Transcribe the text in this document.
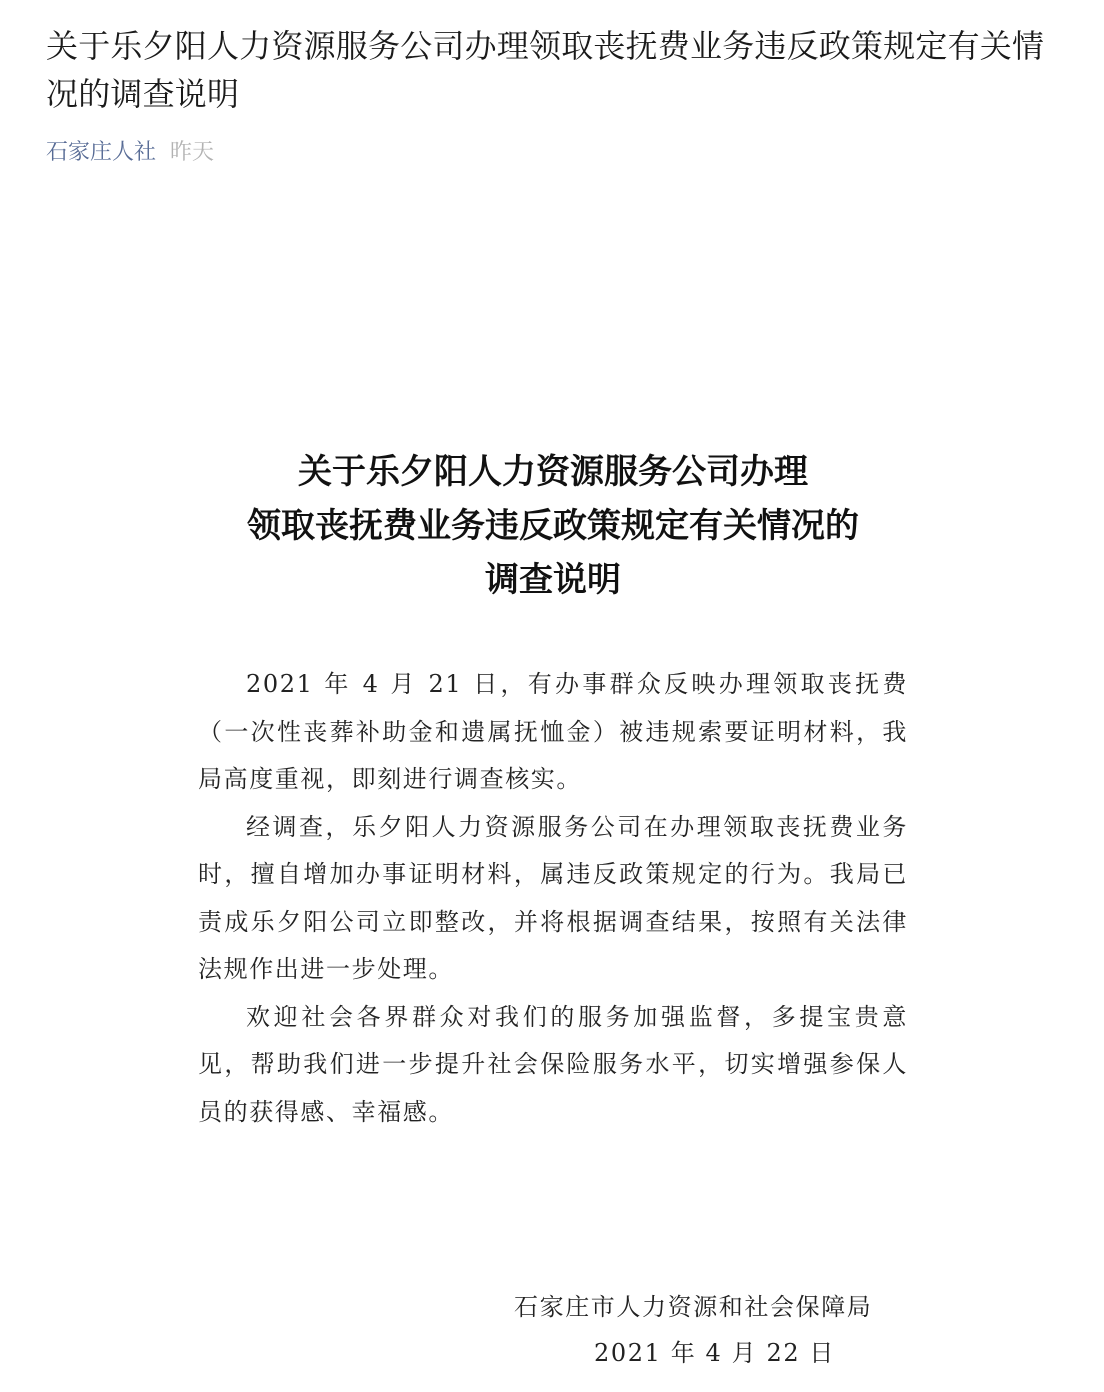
关于乐夕阳人力资源服务公司办理领取丧抚费业务违反政策规定有关情况的调查说明
石家庄人社 昨天
关于乐夕阳人力资源服务公司办理
领取丧抚费业务违反政策规定有关情况的
调查说明

2021 年 4 月 21 日，有办事群众反映办理领取丧抚费（一次性丧葬补助金和遗属抚恤金）被违规索要证明材料，我局高度重视，即刻进行调查核实。

经调查，乐夕阳人力资源服务公司在办理领取丧抚费业务时，擅自增加办事证明材料，属违反政策规定的行为。我局已责成乐夕阳公司立即整改，并将根据调查结果，按照有关法律法规作出进一步处理。

欢迎社会各界群众对我们的服务加强监督，多提宝贵意见，帮助我们进一步提升社会保险服务水平，切实增强参保人员的获得感、幸福感。

石家庄市人力资源和社会保障局
2021 年 4 月 22 日
